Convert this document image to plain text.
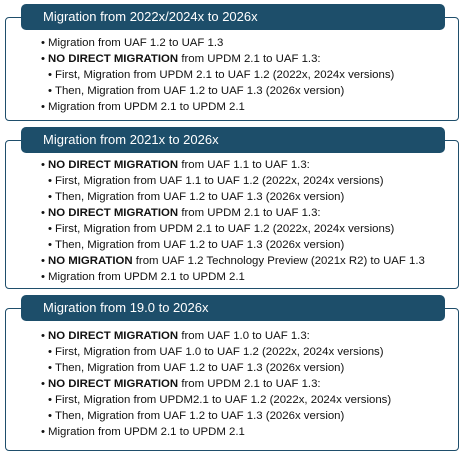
Migration from 2022x/2024x to 2026x
• Migration from UAF 1.2 to UAF 1.3
• NO DIRECT MIGRATION from UPDM 2.1 to UAF 1.3:
• First, Migration from UPDM 2.1 to UAF 1.2 (2022x, 2024x versions)
• Then, Migration from UAF 1.2 to UAF 1.3 (2026x version)
• Migration from UPDM 2.1 to UPDM 2.1
Migration from 2021x to 2026x
• NO DIRECT MIGRATION from UAF 1.1 to UAF 1.3:
• First, Migration from UAF 1.1 to UAF 1.2 (2022x, 2024x versions)
• Then, Migration from UAF 1.2 to UAF 1.3 (2026x version)
• NO DIRECT MIGRATION from UPDM 2.1 to UAF 1.3:
• First, Migration from UPDM 2.1 to UAF 1.2 (2022x, 2024x versions)
• Then, Migration from UAF 1.2 to UAF 1.3 (2026x version)
• NO MIGRATION from UAF 1.2 Technology Preview (2021x R2) to UAF 1.3
• Migration from UPDM 2.1 to UPDM 2.1
Migration from 19.0 to 2026x
• NO DIRECT MIGRATION from UAF 1.0 to UAF 1.3:
• First, Migration from UAF 1.0 to UAF 1.2 (2022x, 2024x versions)
• Then, Migration from UAF 1.2 to UAF 1.3 (2026x version)
• NO DIRECT MIGRATION from UPDM 2.1 to UAF 1.3:
• First, Migration from UPDM2.1 to UAF 1.2 (2022x, 2024x versions)
• Then, Migration from UAF 1.2 to UAF 1.3 (2026x version)
• Migration from UPDM 2.1 to UPDM 2.1
